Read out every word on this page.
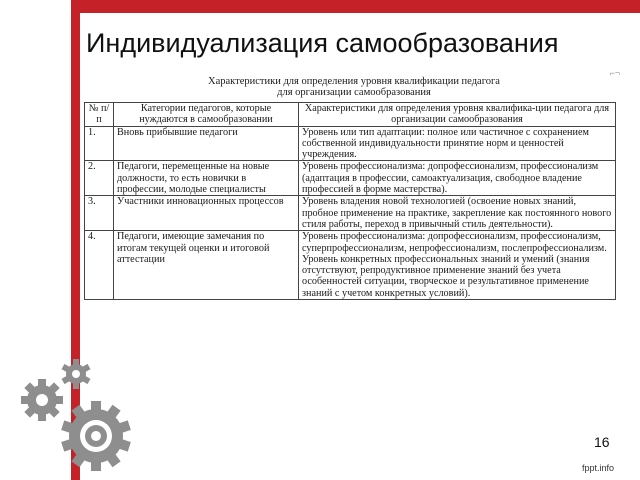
Индивидуализация самообразования
⌐¬
Характеристики для определения уровня квалификации педагога
для организации самообразования
№ п/п	Категории педагогов, которые нуждаются в самообразовании	Характеристики для определения уровня квалифика-ции педагога для организации самообразования
1.	Вновь прибывшие педагоги	Уровень или тип адаптации: полное или частичное с сохранением собственной индивидуальности принятие норм и ценностей учреждения.
2.	Педагоги, перемещенные на новые должности, то есть новички в профессии, молодые специалисты	Уровень профессионализма: допрофессионализм, профессионализм (адаптация в профессии, самоактуализация, свободное владение профессией в форме мастерства).
3.	Участники инновационных процессов	Уровень владения новой технологией (освоение новых знаний, пробное применение на практике, закрепление как постоянного нового стиля работы, переход в привычный стиль деятельности).
4.	Педагоги, имеющие замечания по итогам текущей оценки и итоговой аттестации	Уровень профессионализма: допрофессионализм, профессионализм, суперпрофессионализм, непрофессионализм, послепрофессионализм. Уровень конкретных профессиональных знаний и умений (знания отсутствуют, репродуктивное применение знаний без учета особенностей ситуации, творческое и результативное применение знаний с учетом конкретных условий).
16
fppt.info
